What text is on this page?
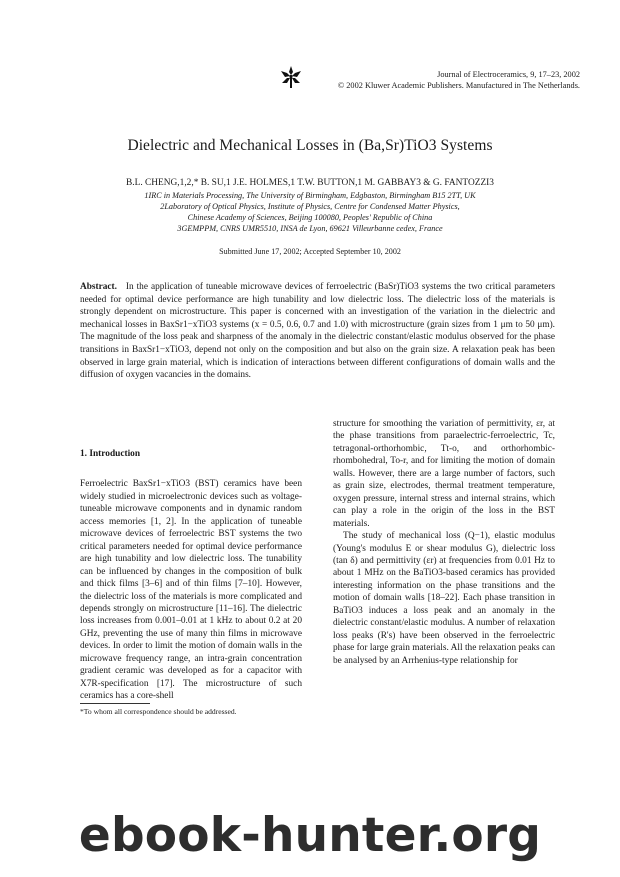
Journal of Electroceramics, 9, 17–23, 2002
© 2002 Kluwer Academic Publishers. Manufactured in The Netherlands.
Dielectric and Mechanical Losses in (Ba,Sr)TiO3 Systems
B.L. CHENG,1,2,* B. SU,1 J.E. HOLMES,1 T.W. BUTTON,1 M. GABBAY3 & G. FANTOZZI3
1IRC in Materials Processing, The University of Birmingham, Edgbaston, Birmingham B15 2TT, UK
2Laboratory of Optical Physics, Institute of Physics, Centre for Condensed Matter Physics,
Chinese Academy of Sciences, Beijing 100080, Peoples' Republic of China
3GEMPPM, CNRS UMR5510, INSA de Lyon, 69621 Villeurbanne cedex, France
Submitted June 17, 2002; Accepted September 10, 2002
Abstract. In the application of tuneable microwave devices of ferroelectric (BaSr)TiO3 systems the two critical parameters needed for optimal device performance are high tunability and low dielectric loss. The dielectric loss of the materials is strongly dependent on microstructure. This paper is concerned with an investigation of the variation in the dielectric and mechanical losses in BaxSr1−xTiO3 systems (x = 0.5, 0.6, 0.7 and 1.0) with microstructure (grain sizes from 1 μm to 50 μm). The magnitude of the loss peak and sharpness of the anomaly in the dielectric constant/elastic modulus observed for the phase transitions in BaxSr1−xTiO3, depend not only on the composition and but also on the grain size. A relaxation peak has been observed in large grain material, which is indication of interactions between different configurations of domain walls and the diffusion of oxygen vacancies in the domains.
1. Introduction

Ferroelectric BaxSr1−xTiO3 (BST) ceramics have been widely studied in microelectronic devices such as voltage-tuneable microwave components and in dynamic random access memories [1, 2]. In the application of tuneable microwave devices of ferroelectric BST systems the two critical parameters needed for optimal device performance are high tunability and low dielectric loss. The tunability can be influenced by changes in the composition of bulk and thick films [3–6] and of thin films [7–10]. However, the dielectric loss of the materials is more complicated and depends strongly on microstructure [11–16]. The dielectric loss increases from 0.001–0.01 at 1 kHz to about 0.2 at 20 GHz, preventing the use of many thin films in microwave devices. In order to limit the motion of domain walls in the microwave frequency range, an intra-grain concentration gradient ceramic was developed as for a capacitor with X7R-specification [17]. The microstructure of such ceramics has a core-shell

structure for smoothing the variation of permittivity, εr, at the phase transitions from paraelectric-ferroelectric, Tc, tetragonal-orthorhombic, Tt-o, and orthorhombic-rhombohedral, To-r, and for limiting the motion of domain walls. However, there are a large number of factors, such as grain size, electrodes, thermal treatment temperature, oxygen pressure, internal stress and internal strains, which can play a role in the origin of the loss in the BST materials.

The study of mechanical loss (Q−1), elastic modulus (Young's modulus E or shear modulus G), dielectric loss (tan δ) and permittivity (εr) at frequencies from 0.01 Hz to about 1 MHz on the BaTiO3-based ceramics has provided interesting information on the phase transitions and the motion of domain walls [18–22]. Each phase transition in BaTiO3 induces a loss peak and an anomaly in the dielectric constant/elastic modulus. A number of relaxation loss peaks (R's) have been observed in the ferroelectric phase for large grain materials. All the relaxation peaks can be analysed by an Arrhenius-type relationship for

*To whom all correspondence should be addressed.
ebook-hunter.org
